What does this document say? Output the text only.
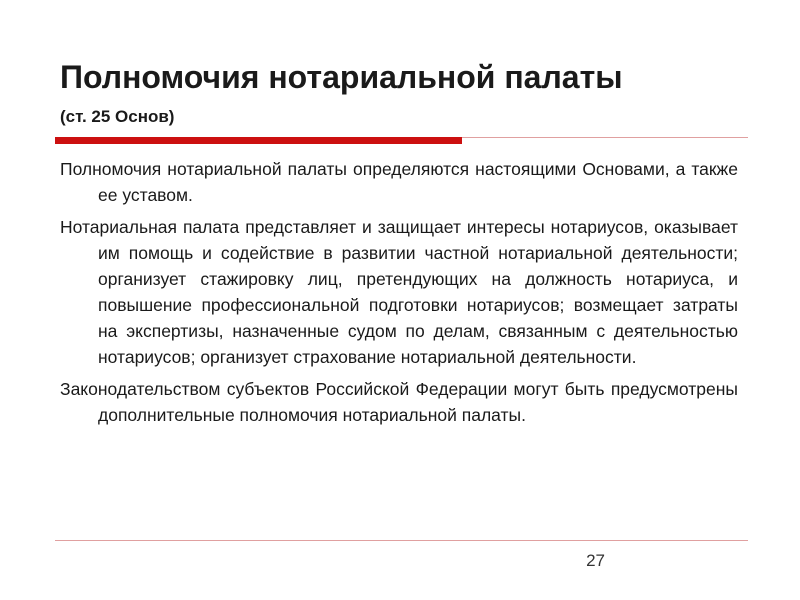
Полномочия нотариальной палаты
(ст. 25 Основ)

Полномочия нотариальной палаты определяются настоящими Основами, а также ее уставом.

Нотариальная палата представляет и защищает интересы нотариусов, оказывает им помощь и содействие в развитии частной нотариальной деятельности; организует стажировку лиц, претендующих на должность нотариуса, и повышение профессиональной подготовки нотариусов; возмещает затраты на экспертизы, назначенные судом по делам, связанным с деятельностью нотариусов; организует страхование нотариальной деятельности.

Законодательством субъектов Российской Федерации могут быть предусмотрены дополнительные полномочия нотариальной палаты.

27
